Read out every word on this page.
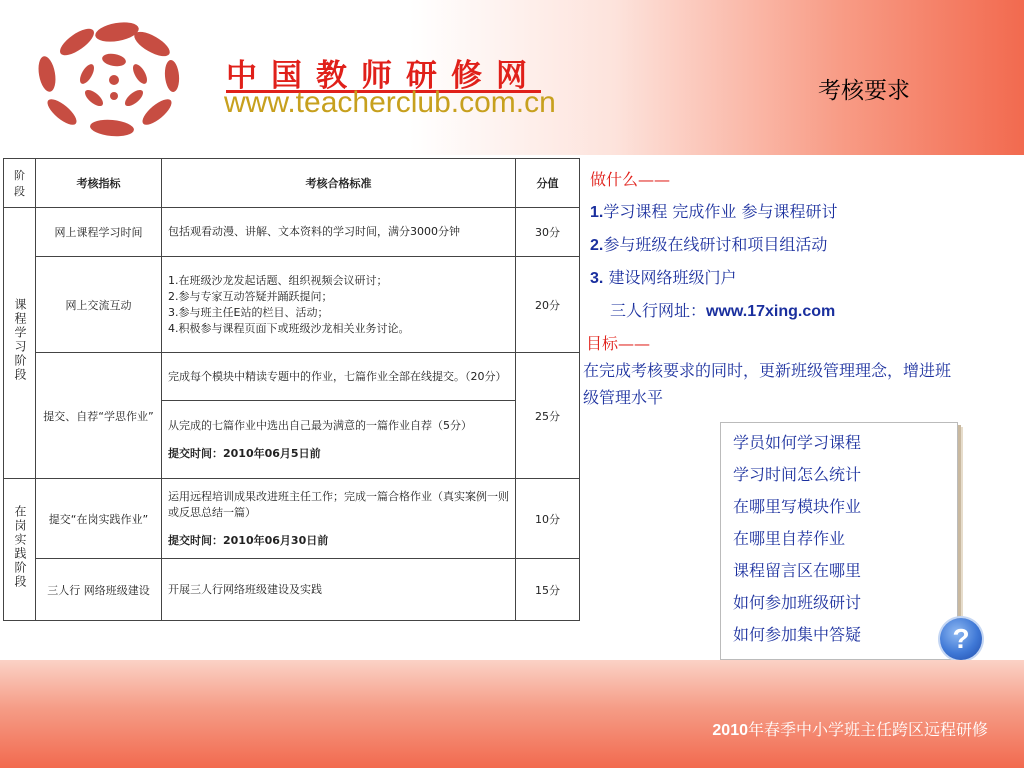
中国教师研修网
www.teacherclub.com.cn	考核要求
阶段	考核指标	考核合格标准	分值
课程学习阶段	网上课程学习时间	包括观看动漫、讲解、文本资料的学习时间，满分3000分钟	30分
	网上交流互动	1.在班级沙龙发起话题、组织视频会议研讨；
2.参与专家互动答疑并踊跃提问；
3.参与班主任E站的栏目、活动；
4.积极参与课程页面下或班级沙龙相关业务讨论。	20分
	提交、自荐“学思作业”	完成每个模块中精读专题中的作业，七篇作业全部在线提交。（20分）	25分

		从完成的七篇作业中选出自己最为满意的一篇作业自荐（5分）
提交时间：2010年06月5日前	

在岗实践阶段	提交“在岗实践作业”	运用远程培训成果改进班主任工作；完成一篇合格作业（真实案例一则或反思总结一篇）
提交时间：2010年06月30日前	10分
	三人行 网络班级建设	开展三人行网络班级建设及实践	15分
做什么——
1.学习课程 完成作业 参与课程研讨
2.参与班级在线研讨和项目组活动
3. 建设网络班级门户
三人行网址：www.17xing.com
目标——
在完成考核要求的同时，更新班级管理理念，增进班级管理水平
学员如何学习课程
学习时间怎么统计
在哪里写模块作业
在哪里自荐作业
课程留言区在哪里
如何参加班级研讨
如何参加集中答疑	?
2010年春季中小学班主任跨区远程研修
